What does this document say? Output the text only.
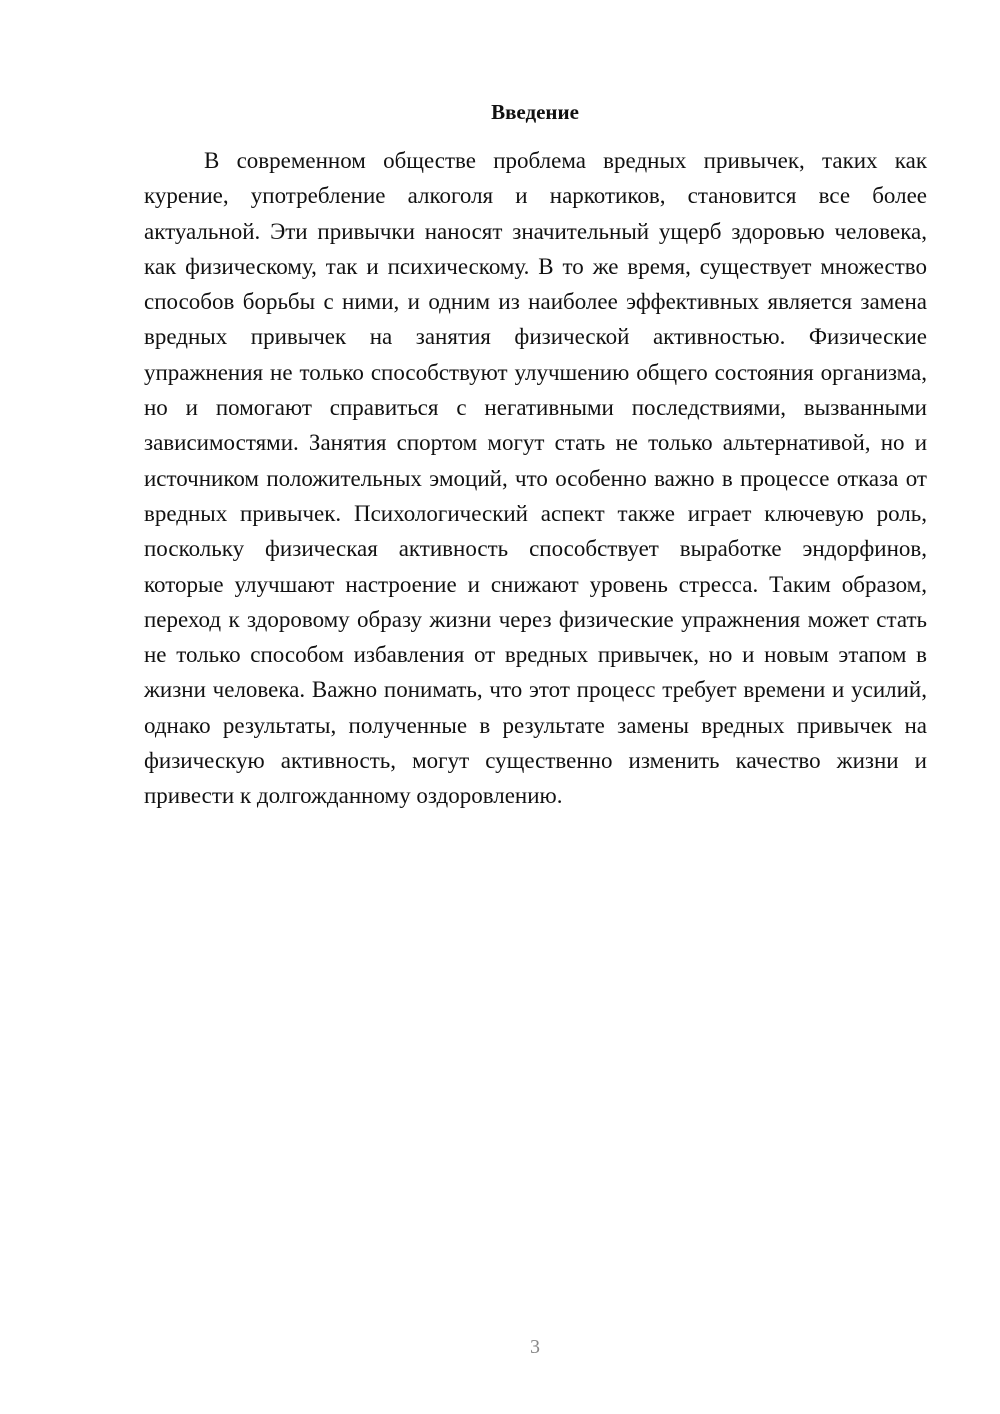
Введение

В современном обществе проблема вредных привычек, таких как курение, употребление алкоголя и наркотиков, становится все более актуальной. Эти привычки наносят значительный ущерб здоровью человека, как физическому, так и психическому. В то же время, существует множество способов борьбы с ними, и одним из наиболее эффективных является замена вредных привычек на занятия физической активностью. Физические упражнения не только способствуют улучшению общего состояния организма, но и помогают справиться с негативными последствиями, вызванными зависимостями. Занятия спортом могут стать не только альтернативой, но и источником положительных эмоций, что особенно важно в процессе отказа от вредных привычек. Психологический аспект также играет ключевую роль, поскольку физическая активность способствует выработке эндорфинов, которые улучшают настроение и снижают уровень стресса. Таким образом, переход к здоровому образу жизни через физические упражнения может стать не только способом избавления от вредных привычек, но и новым этапом в жизни человека. Важно понимать, что этот процесс требует времени и усилий, однако результаты, полученные в результате замены вредных привычек на физическую активность, могут существенно изменить качество жизни и привести к долгожданному оздоровлению.

3
